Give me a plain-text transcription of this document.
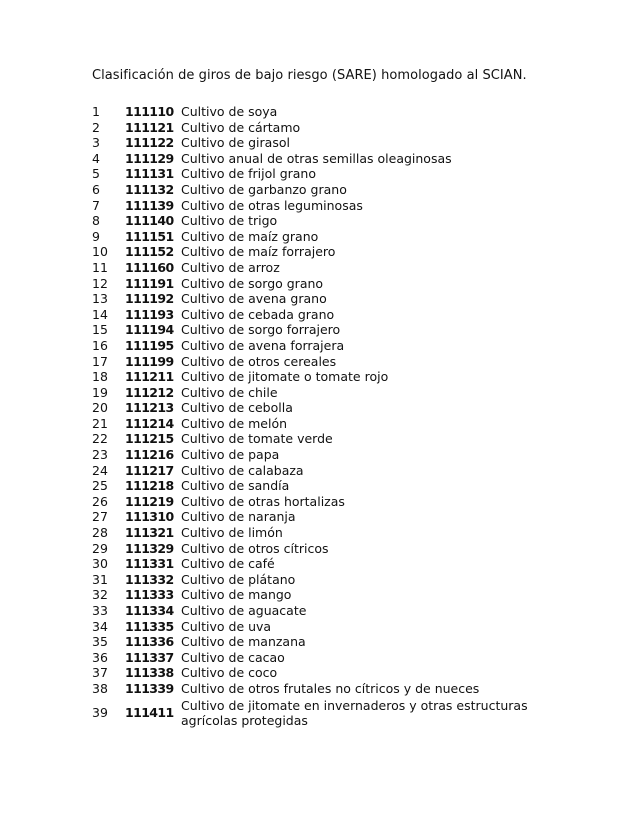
Clasificación de giros de bajo riesgo (SARE) homologado al SCIAN.

1	111110 Cultivo de soya
2	111121 Cultivo de cártamo
3	111122 Cultivo de girasol
4	111129 Cultivo anual de otras semillas oleaginosas
5	111131 Cultivo de frijol grano
6	111132 Cultivo de garbanzo grano
7	111139 Cultivo de otras leguminosas
8	111140 Cultivo de trigo
9	111151 Cultivo de maíz grano
10	111152 Cultivo de maíz forrajero
11	111160 Cultivo de arroz
12	111191 Cultivo de sorgo grano
13	111192 Cultivo de avena grano
14	111193 Cultivo de cebada grano
15	111194 Cultivo de sorgo forrajero
16	111195 Cultivo de avena forrajera
17	111199 Cultivo de otros cereales
18	111211 Cultivo de jitomate o tomate rojo
19	111212 Cultivo de chile
20	111213 Cultivo de cebolla
21	111214 Cultivo de melón
22	111215 Cultivo de tomate verde
23	111216 Cultivo de papa
24	111217 Cultivo de calabaza
25	111218 Cultivo de sandía
26	111219 Cultivo de otras hortalizas
27	111310 Cultivo de naranja
28	111321 Cultivo de limón
29	111329 Cultivo de otros cítricos
30	111331 Cultivo de café
31	111332 Cultivo de plátano
32	111333 Cultivo de mango
33	111334 Cultivo de aguacate
34	111335 Cultivo de uva
35	111336 Cultivo de manzana
36	111337 Cultivo de cacao
37	111338 Cultivo de coco
38	111339 Cultivo de otros frutales no cítricos y de nueces
39	111411 Cultivo de jitomate en invernaderos y otras estructuras agrícolas protegidas
